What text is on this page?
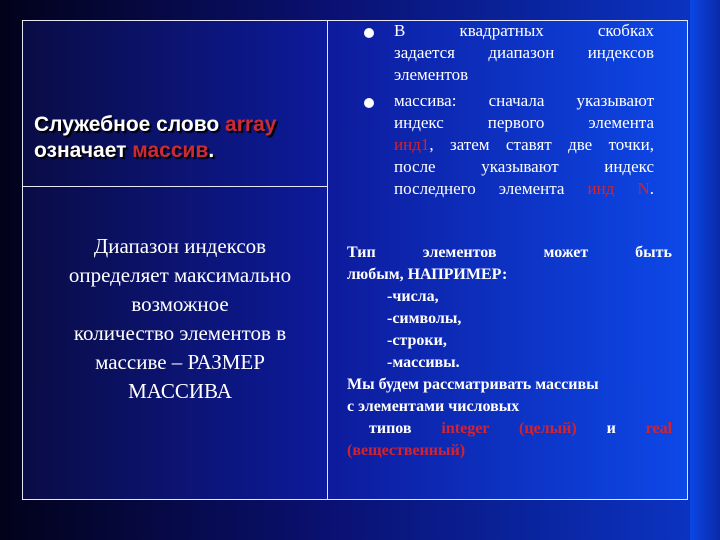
Служебное слово array
означает массив.
Диапазон индексов
определяет максимально
возможное
количество элементов в
массиве – РАЗМЕР
МАССИВА
В квадратных скобках
задается диапазон индексов
элементов
массива: сначала указывают
индекс первого элемента
инд1, затем ставят две точки,
после указывают индекс
последнего элемента инд N.
Тип элементов может быть
любым, НАПРИМЕР:
-числа,
-символы,
-строки,
-массивы.
Мы будем рассматривать массивы
с элементами числовых
типов integer (целый) и real
(вещественный)
